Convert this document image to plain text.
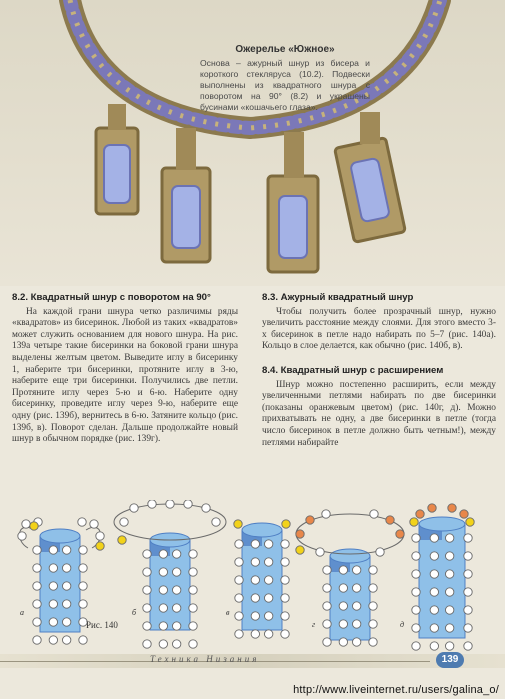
Ожерелье «Южное»
Основа – ажурный шнур из бисера и короткого стекляруса (10.2). Подвески выполнены из квадратного шнура с поворотом на 90° (8.2) и украшены бусинами «кошачьего глаза».
8.2. Квадратный шнур с поворотом на 90°
На каждой грани шнура четко различимы ряды «квадратов» из бисеринок. Любой из таких «квадратов» может служить основанием для нового шнура. На рис. 139а четыре такие бисеринки на боковой грани шнура выделены желтым цветом. Выведите иглу в бисеринку 1, наберите три бисеринки, протяните иглу в 3-ю, наберите еще три бисеринки. Получились две петли. Протяните иглу через 5-ю и 6-ю. Наберите одну бисеринку, проведите иглу через 9-ю, наберите еще одну (рис. 139б), вернитесь в 6-ю. Затяните кольцо (рис. 139б, в). Поворот сделан. Дальше продолжайте новый шнур в обычном порядке (рис. 139г).
8.3. Ажурный квадратный шнур
Чтобы получить более прозрачный шнур, нужно увеличить расстояние между слоями. Для этого вместо 3-х бисеринок в петле надо набирать по 5–7 (рис. 140а). Кольцо в слое делается, как обычно (рис. 140б, в).
8.4. Квадратный шнур с расширением
Шнур можно постепенно расширить, если между увеличенными петлями набирать по две бисеринки (показаны оранжевым цветом) (рис. 140г, д). Можно прихватывать не одну, а две бисеринки в петле (тогда число бисеринок в петле должно быть четным!), между петлями набирайте
а	б	в
г	д
Рис. 140
Техника Низания	139
http://www.liveinternet.ru/users/galina_o/
